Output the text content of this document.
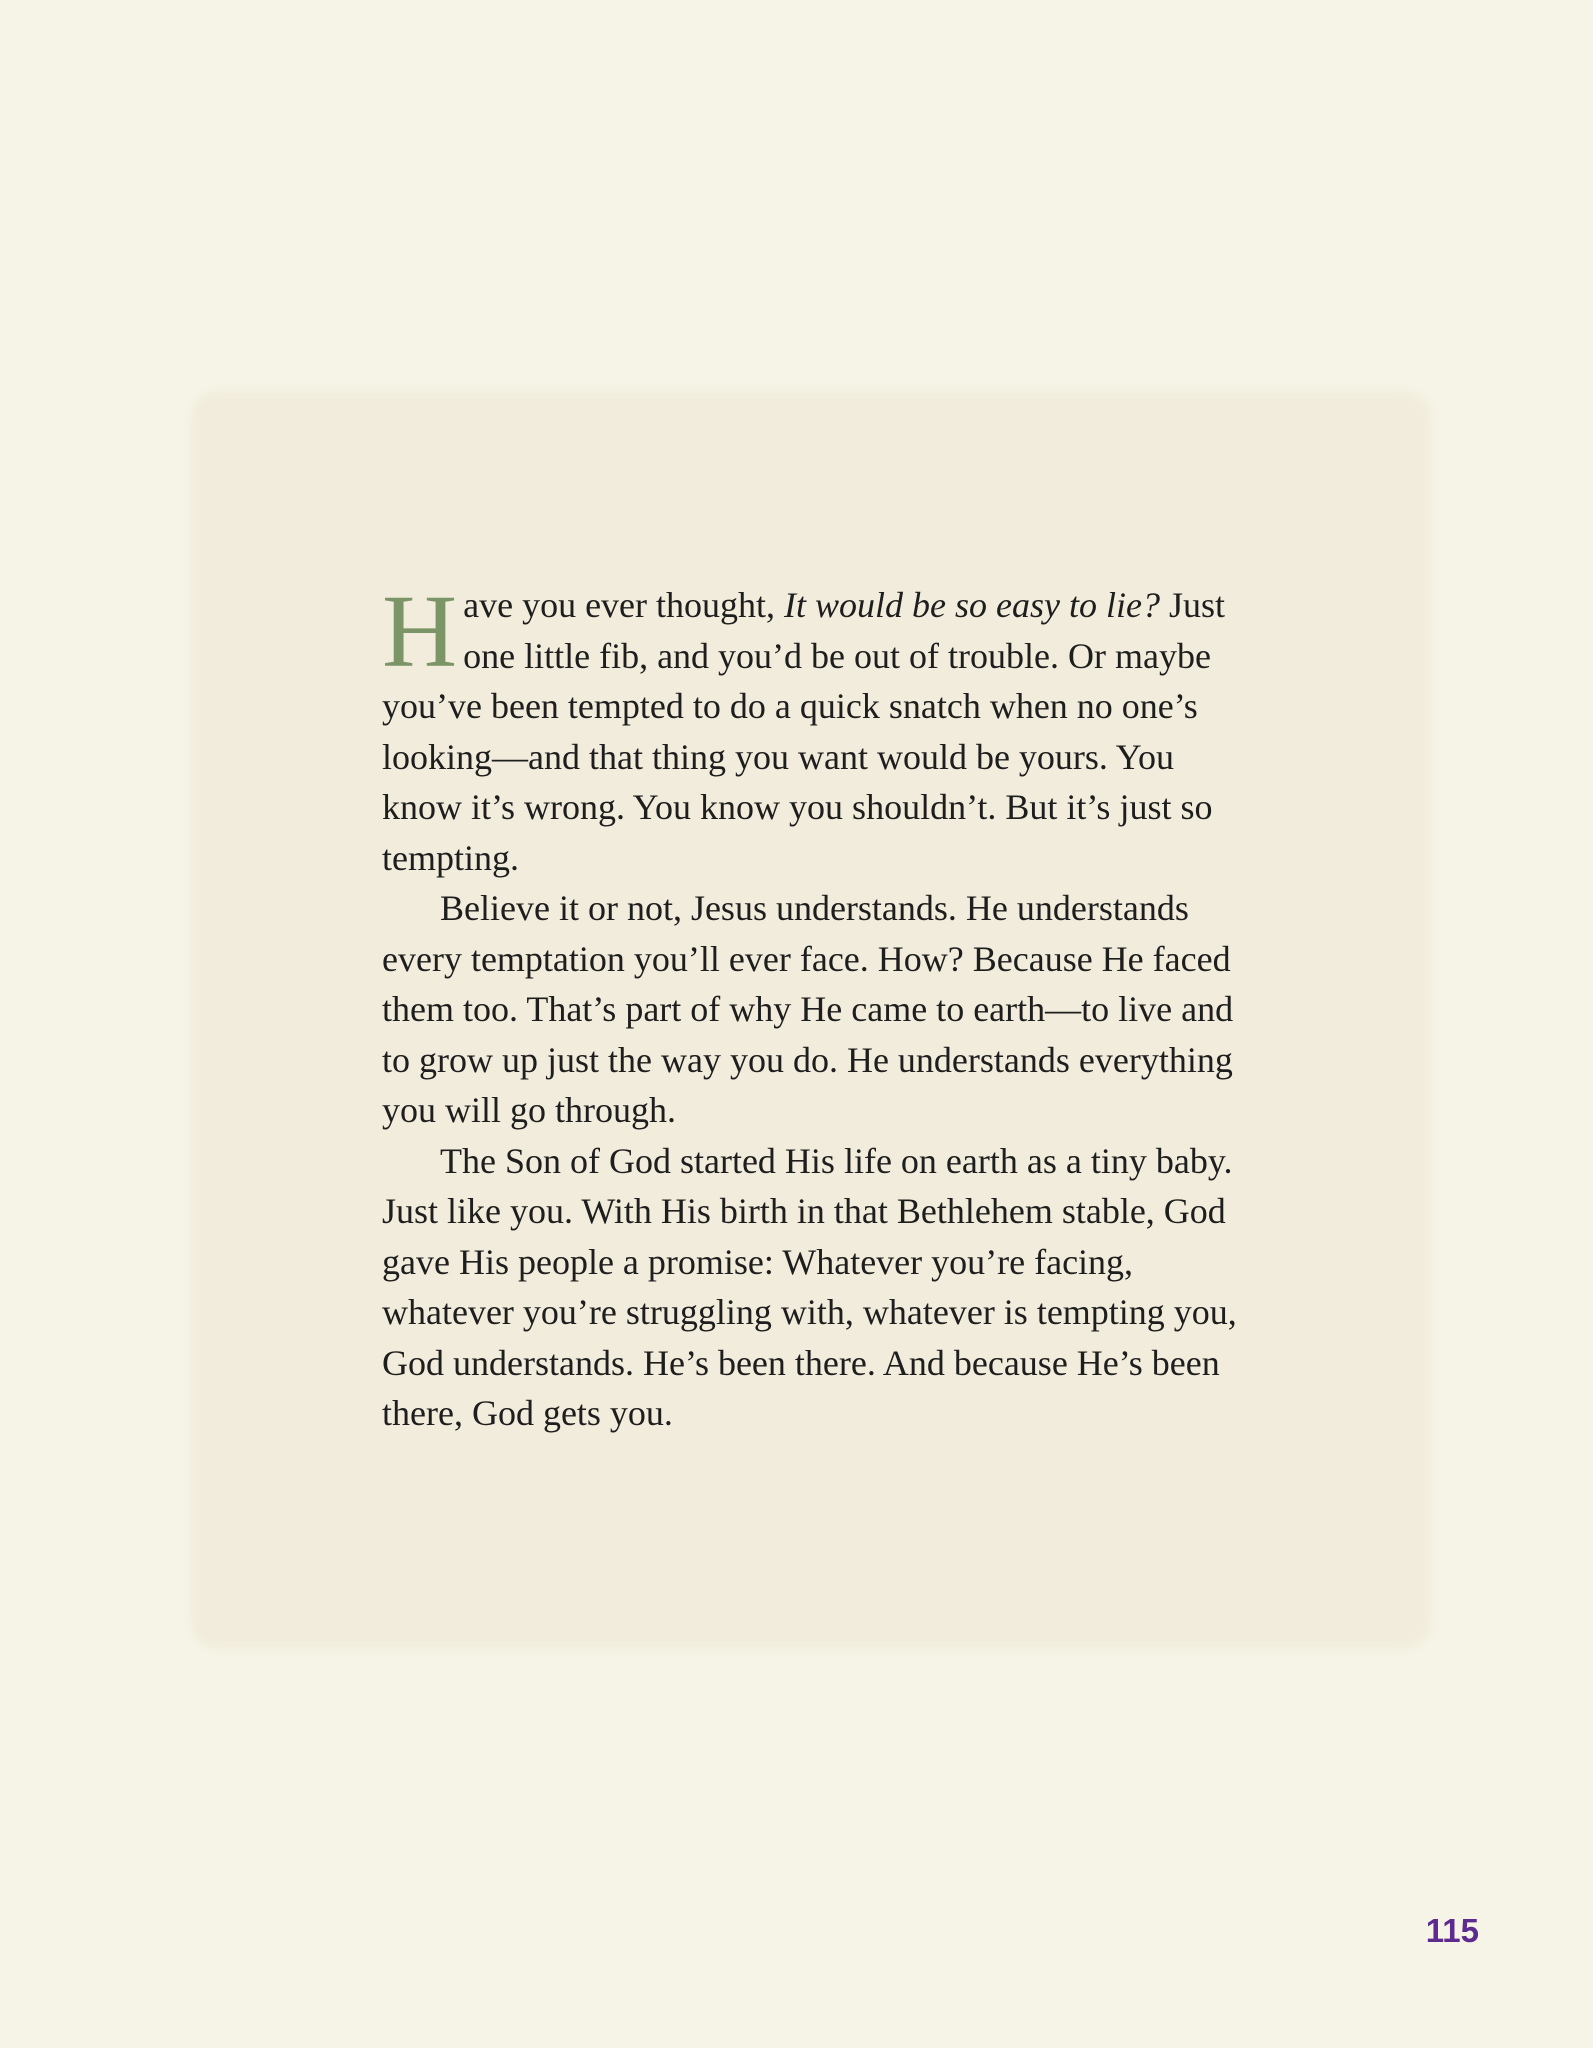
Have you ever thought, It would be so easy to lie? Just one little fib, and you’d be out of trouble. Or maybe you’ve been tempted to do a quick snatch when no one’s looking—and that thing you want would be yours. You know it’s wrong. You know you shouldn’t. But it’s just so tempting.

Believe it or not, Jesus understands. He understands every temptation you’ll ever face. How? Because He faced them too. That’s part of why He came to earth—to live and to grow up just the way you do. He understands everything you will go through.

The Son of God started His life on earth as a tiny baby. Just like you. With His birth in that Bethlehem stable, God gave His people a promise: Whatever you’re facing, whatever you’re struggling with, whatever is tempting you, God understands. He’s been there. And because He’s been there, God gets you.

115
